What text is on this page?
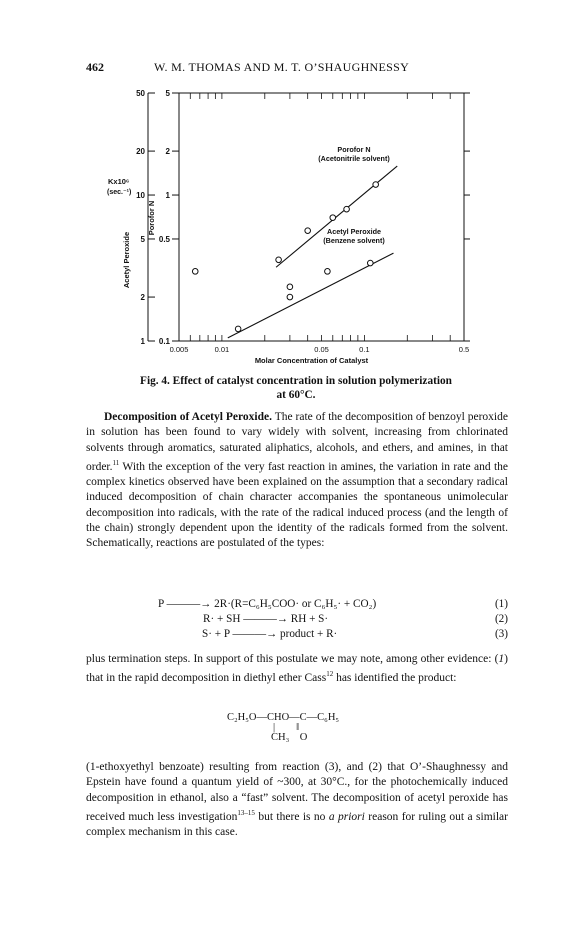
462	W. M. THOMAS AND M. T. O’SHAUGHNESSY
0.005	0.01	0.05	0.1	0.5
Molar Concentration of Catalyst
50
20
10
5
2
1
Kx10⁶
(sec.⁻¹)
Acetyl Peroxide
5
2
1
0.5
0.1
Porofor N
Porofor N
(Acetonitrile solvent)
Acetyl Peroxide
(Benzene solvent)
Fig. 4. Effect of catalyst concentration in solution polymerization
at 60°C.

Decomposition of Acetyl Peroxide. The rate of the decomposition of benzoyl peroxide in solution has been found to vary widely with solvent, increasing from chlorinated solvents through aromatics, saturated aliphatics, alcohols, and ethers, and amines, in that order.$^{11}$ With the exception of the very fast reaction in amines, the variation in rate and the complex kinetics observed have been explained on the assumption that a secondary radical induced decomposition of chain character accompanies the spontaneous unimolecular decomposition into radicals, with the rate of the radical induced process (and the length of the chain) strongly dependent upon the identity of the radicals formed from the solvent. Schematically, reactions are postulated of the types:

P ———→ 2R·(R=C₆H₅COO· or C₆H₅· + CO₂)	(1)
R· + SH ———→ RH + S·	(2)
S· + P ———→ product + R·	(3)

plus termination steps. In support of this postulate we may note, among other evidence: (1) that in the rapid decomposition in diethyl ether Cass$^{12}$ has identified the product:

C₂H₅O—CHO—C—C₆H₅
|        ‖
CH₃    O

(1-ethoxyethyl benzoate) resulting from reaction (3), and (2) that O’-Shaughnessy and Epstein have found a quantum yield of ~300, at 30°C., for the photochemically induced decomposition in ethanol, also a “fast” solvent. The decomposition of acetyl peroxide has received much less investigation$^{13-15}$ but there is no a priori reason for ruling out a similar complex mechanism in this case.
